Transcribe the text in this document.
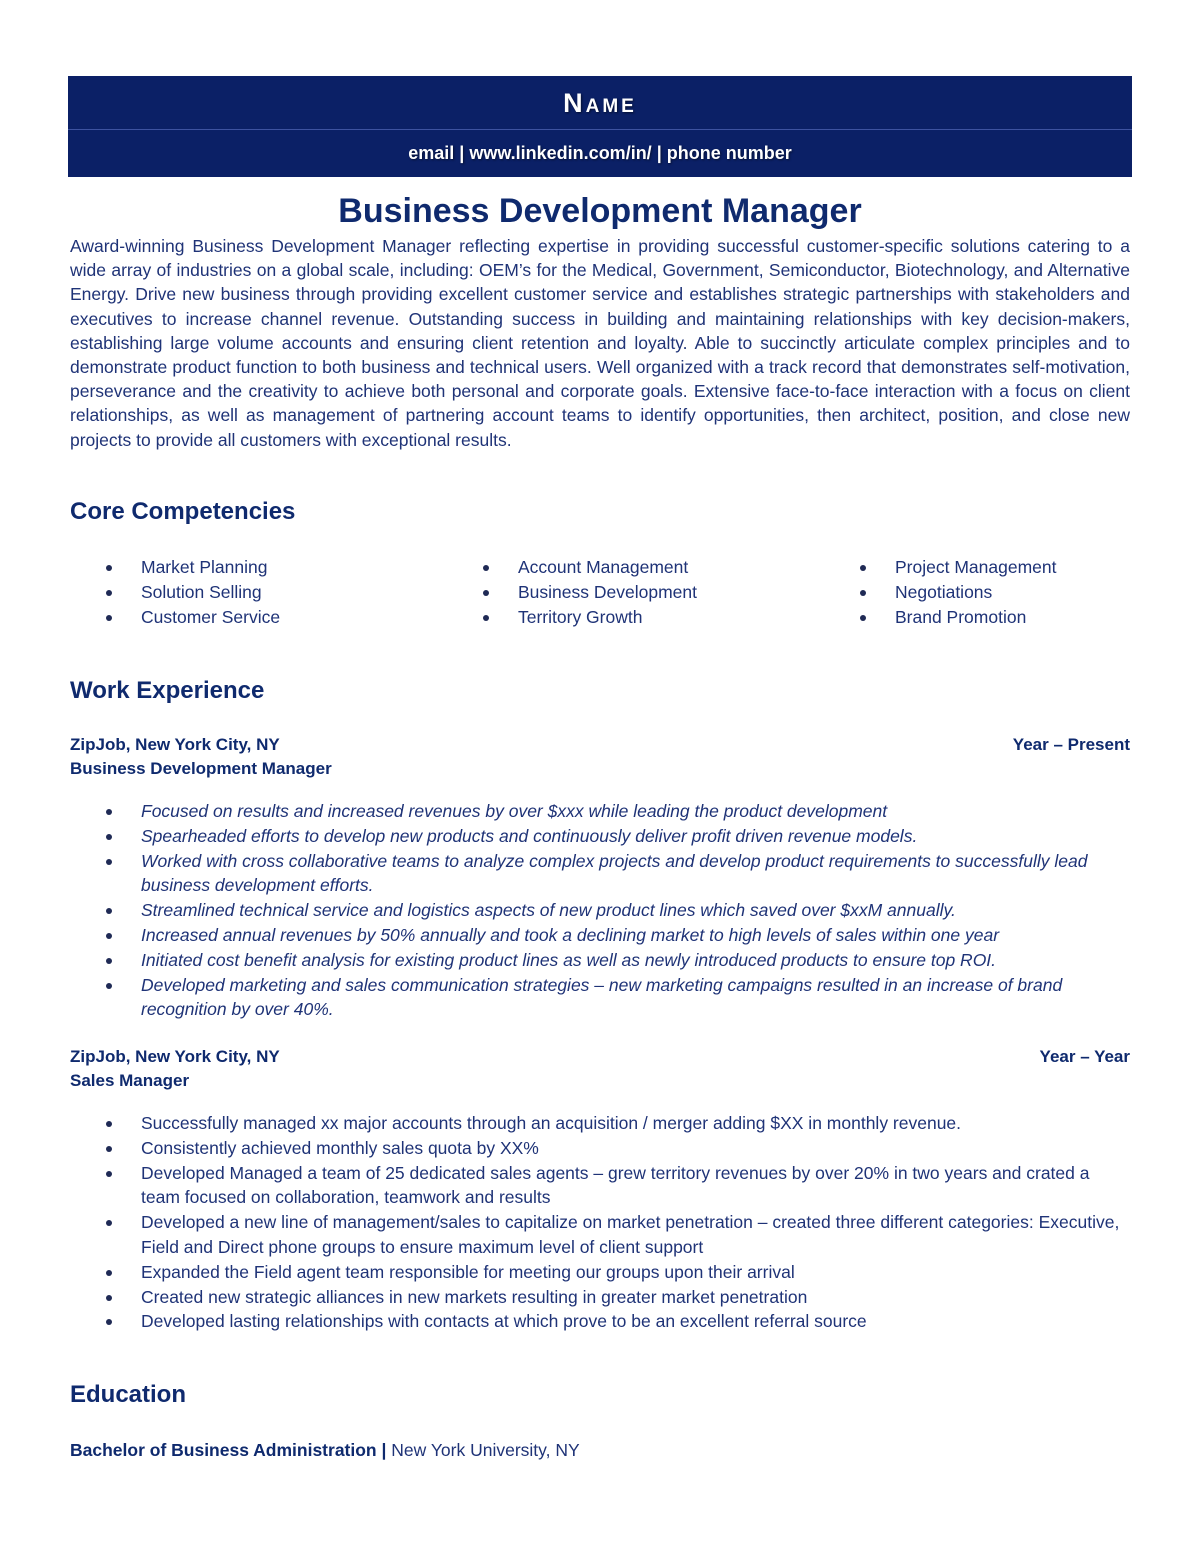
Name
email | www.linkedin.com/in/ | phone number
Business Development Manager
Award-winning Business Development Manager reflecting expertise in providing successful customer-specific solutions catering to a wide array of industries on a global scale, including: OEM’s for the Medical, Government, Semiconductor, Biotechnology, and Alternative Energy. Drive new business through providing excellent customer service and establishes strategic partnerships with stakeholders and executives to increase channel revenue. Outstanding success in building and maintaining relationships with key decision-makers, establishing large volume accounts and ensuring client retention and loyalty. Able to succinctly articulate complex principles and to demonstrate product function to both business and technical users. Well organized with a track record that demonstrates self-motivation, perseverance and the creativity to achieve both personal and corporate goals. Extensive face-to-face interaction with a focus on client relationships, as well as management of partnering account teams to identify opportunities, then architect, position, and close new projects to provide all customers with exceptional results.
Core Competencies
Market Planning
Solution Selling
Customer Service
Account Management
Business Development
Territory Growth
Project Management
Negotiations
Brand Promotion
Work Experience
ZipJob, New York City, NY	Year – Present
Business Development Manager
Focused on results and increased revenues by over $xxx while leading the product development
Spearheaded efforts to develop new products and continuously deliver profit driven revenue models.
Worked with cross collaborative teams to analyze complex projects and develop product requirements to successfully lead business development efforts.
Streamlined technical service and logistics aspects of new product lines which saved over $xxM annually.
Increased annual revenues by 50% annually and took a declining market to high levels of sales within one year
Initiated cost benefit analysis for existing product lines as well as newly introduced products to ensure top ROI.
Developed marketing and sales communication strategies – new marketing campaigns resulted in an increase of brand recognition by over 40%.
ZipJob, New York City, NY	Year – Year
Sales Manager
Successfully managed xx major accounts through an acquisition / merger adding $XX in monthly revenue.
Consistently achieved monthly sales quota by XX%
Developed Managed a team of 25 dedicated sales agents – grew territory revenues by over 20% in two years and crated a team focused on collaboration, teamwork and results
Developed a new line of management/sales to capitalize on market penetration – created three different categories: Executive, Field and Direct phone groups to ensure maximum level of client support
Expanded the Field agent team responsible for meeting our groups upon their arrival
Created new strategic alliances in new markets resulting in greater market penetration
Developed lasting relationships with contacts at which prove to be an excellent referral source
Education
Bachelor of Business Administration | New York University, NY
